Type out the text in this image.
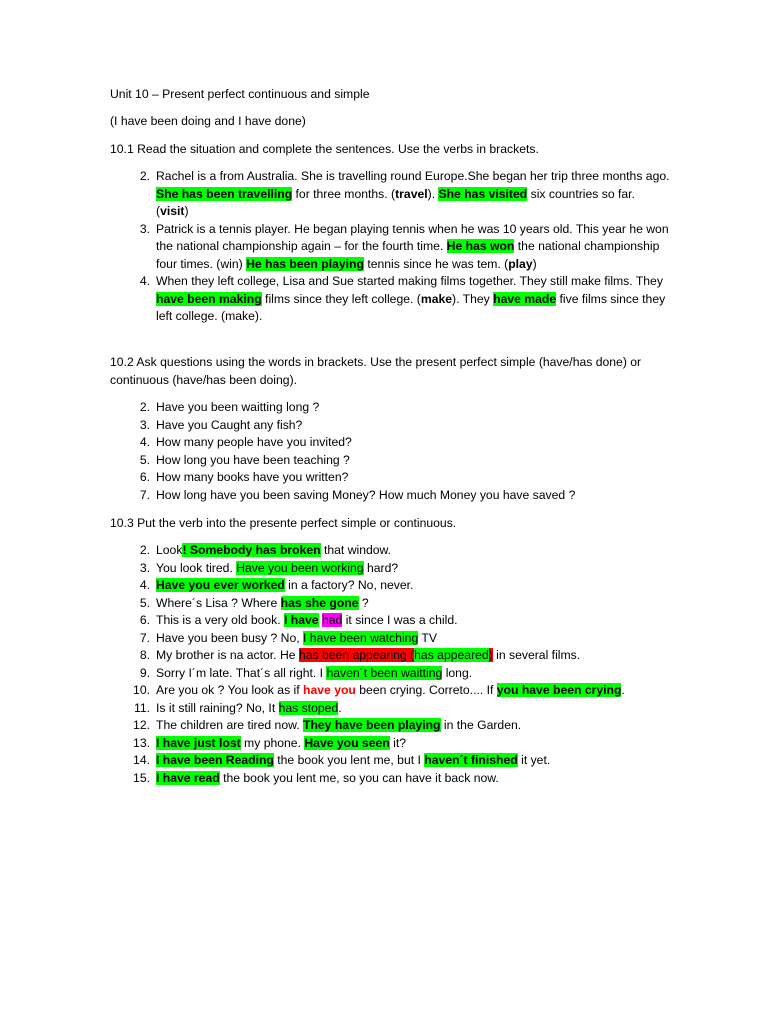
Unit 10 – Present perfect continuous and simple

(I have been doing and I have done)

10.1 Read the situation and complete the sentences. Use the verbs in brackets.

2. Rachel is a from Australia. She is travelling round Europe.She began her trip three months ago. She has been travelling for three months. (travel). She has visited six countries so far. (visit)
3. Patrick is a tennis player. He began playing tennis when he was 10 years old. This year he won the national championship again – for the fourth time. He has won the national championship four times. (win) He has been playing tennis since he was tem. (play)
4. When they left college, Lisa and Sue started making films together. They still make films. They have been making films since they left college. (make). They have made five films since they left college. (make).

10.2 Ask questions using the words in brackets. Use the present perfect simple (have/has done) or continuous (have/has been doing).

2. Have you been waitting long ?
3. Have you Caught any fish?
4. How many people have you invited?
5. How long you have been teaching ?
6. How many books have you written?
7. How long have you been saving Money? How much Money you have saved ?

10.3 Put the verb into the presente perfect simple or continuous.

2. Look! Somebody has broken that window.
3. You look tired. Have you been working hard?
4. Have you ever worked in a factory? No, never.
5. Where´s Lisa ? Where has she gone ?
6. This is a very old book. I have had it since I was a child.
7. Have you been busy ? No, I have been watching TV
8. My brother is na actor. He has been appearing (has appeared) in several films.
9. Sorry I´m late. That´s all right. I haven´t been waitting long.
10. Are you ok ? You look as if have you been crying. Correto.... If you have been crying.
11. Is it still raining? No, It has stoped.
12. The children are tired now. They have been playing in the Garden.
13. I have just lost my phone. Have you seen it?
14. I have been Reading the book you lent me, but I haven´t finished it yet.
15. I have read the book you lent me, so you can have it back now.
